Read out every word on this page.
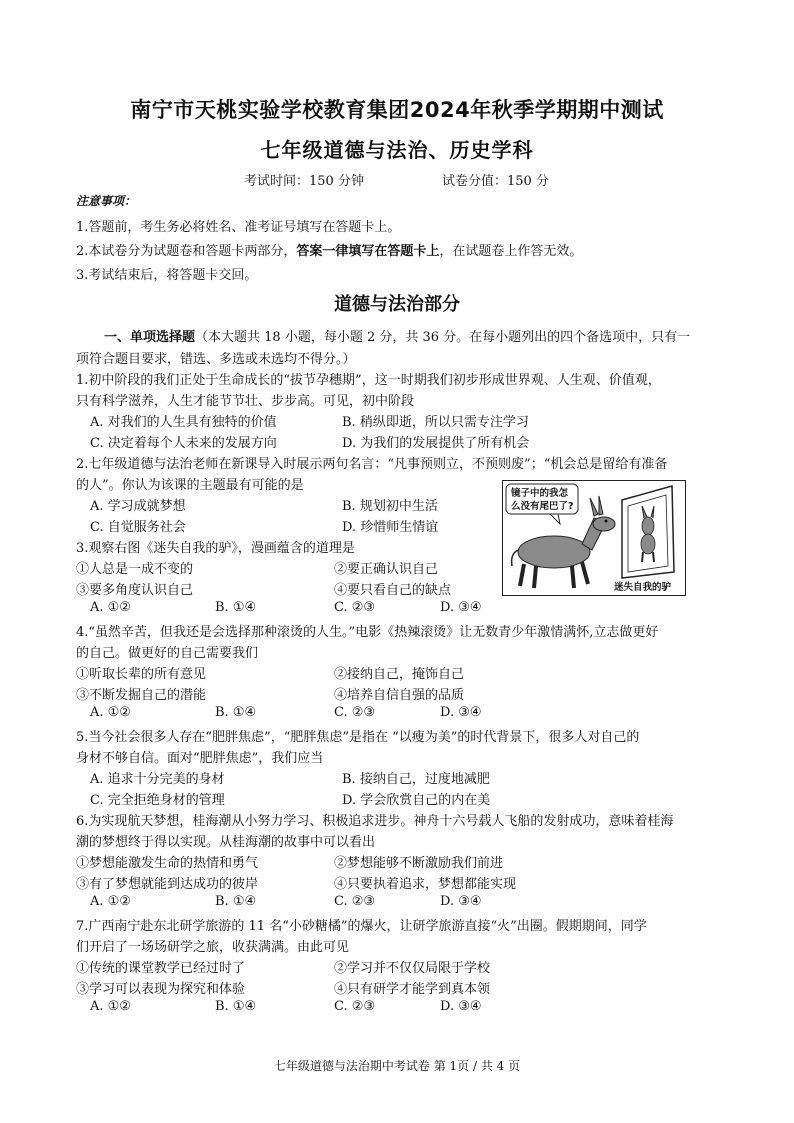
南宁市天桃实验学校教育集团2024年秋季学期期中测试
七年级道德与法治、历史学科
考试时间：150 分钟	试卷分值：150 分
注意事项：
1.答题前，考生务必将姓名、准考证号填写在答题卡上。
2.本试卷分为试题卷和答题卡两部分，答案一律填写在答题卡上，在试题卷上作答无效。
3.考试结束后，将答题卡交回。
道德与法治部分
一、单项选择题（本大题共 18 小题，每小题 2 分，共 36 分。在每小题列出的四个备选项中，只有一
项符合题目要求，错选、多选或未选均不得分。）
1.初中阶段的我们正处于生命成长的“拔节孕穗期”，这一时期我们初步形成世界观、人生观、价值观，
只有科学滋养，人生才能节节壮、步步高。可见，初中阶段
A. 对我们的人生具有独特的价值	B. 稍纵即逝，所以只需专注学习
C. 决定着每个人未来的发展方向	D. 为我们的发展提供了所有机会
2.七年级道德与法治老师在新课导入时展示两句名言：“凡事预则立，不预则废”；“机会总是留给有准备
的人”。你认为该课的主题最有可能的是
A. 学习成就梦想	B. 规划初中生活
C. 自觉服务社会	D. 珍惜师生情谊
3.观察右图《迷失自我的驴》，漫画蕴含的道理是
①人总是一成不变的	②要正确认识自己
③要多角度认识自己	④要只看自己的缺点
A. ①②	B. ①④	C. ②③	D. ③④
镜子中的我怎
么没有尾巴了?
迷失自我的驴
4.“虽然辛苦，但我还是会选择那种滚烫的人生。”电影《热辣滚烫》让无数青少年激情满怀,立志做更好
的自己。做更好的自己需要我们
①听取长辈的所有意见	②接纳自己，掩饰自己
③不断发掘自己的潜能	④培养自信自强的品质
A. ①②	B. ①④	C. ②③	D. ③④
5.当今社会很多人存在“肥胖焦虑”，“肥胖焦虑”是指在 “以瘦为美”的时代背景下，很多人对自己的
身材不够自信。面对“肥胖焦虑”，我们应当
A. 追求十分完美的身材	B. 接纳自己，过度地减肥
C. 完全拒绝身材的管理	D. 学会欣赏自己的内在美
6.为实现航天梦想，桂海潮从小努力学习、积极追求进步。神舟十六号载人飞船的发射成功，意味着桂海
潮的梦想终于得以实现。从桂海潮的故事中可以看出
①梦想能激发生命的热情和勇气	②梦想能够不断激励我们前进
③有了梦想就能到达成功的彼岸	④只要执着追求，梦想都能实现
A. ①②	B. ①④	C. ②③	D. ③④
7.广西南宁赴东北研学旅游的 11 名“小砂糖橘”的爆火，让研学旅游直接“火”出圈。假期期间，同学
们开启了一场场研学之旅，收获满满。由此可见
①传统的课堂教学已经过时了	②学习并不仅仅局限于学校
③学习可以表现为探究和体验	④只有研学才能学到真本领
A. ①②	B. ①④	C. ②③	D. ③④
七年级道德与法治期中考试卷 第 1页 / 共 4 页
